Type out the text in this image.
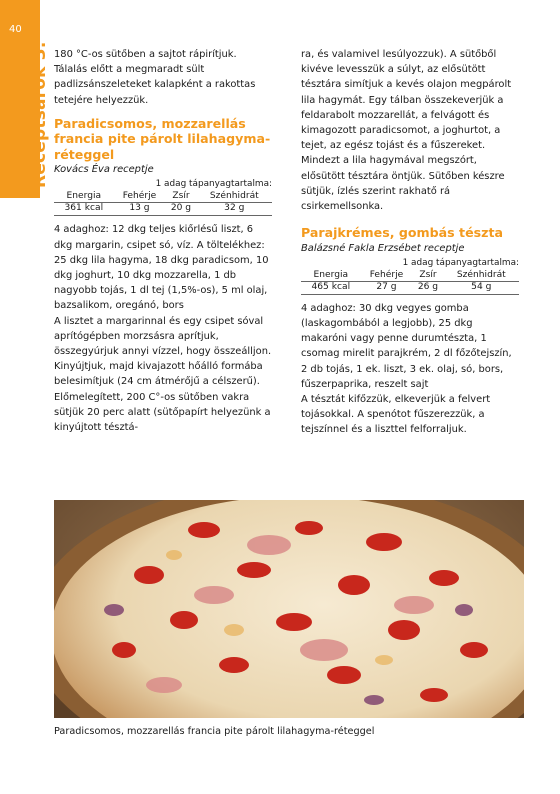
40
Receptsarok 3. 180 °C-os sütőben a sajtot rápirítjuk. Tálalás előtt a megmaradt sült padlizsánszeleteket kalapként a rakottas tetejére helyezzük.

Paradicsomos, mozzarellás francia pite párolt lilahagyma-réteggel
Kovács Éva receptje
1 adag tápanyagtartalma:
Energia	Fehérje	Zsír	Szénhidrát
361 kcal	13 g	20 g	32 g

4 adaghoz: 12 dkg teljes kiőrlésű liszt, 6 dkg margarin, csipet só, víz. A töltelékhez: 25 dkg lila hagyma, 18 dkg paradicsom, 10 dkg joghurt, 10 dkg mozzarella, 1 db nagyobb tojás, 1 dl tej (1,5%-os), 5 ml olaj, bazsalikom, oregánó, bors

A lisztet a margarinnal és egy csipet sóval aprítógépben morzsásra aprítjuk, összegyúrjuk annyi vízzel, hogy összeálljon. Kinyújtjuk, majd kivajazott hőálló formába belesimítjuk (24 cm átmérőjű a célszerű). Előmelegített, 200 C°-os sütőben vakra sütjük 20 perc alatt (sütőpapírt helyezünk a kinyújtott tésztá-

ra, és valamivel lesúlyozzuk). A sütőből kivéve levesszük a súlyt, az elősütött tésztára simítjuk a kevés olajon megpárolt lila hagymát. Egy tálban összekeverjük a feldarabolt mozzarellát, a felvágott és kimagozott paradicsomot, a joghurtot, a tejet, az egész tojást és a fűszereket. Mindezt a lila hagymával megszórt, elősütött tésztára öntjük. Sütőben készre sütjük, ízlés szerint rakhatő rá csirkemellsonka.

Parajkrémes, gombás tészta
Balázsné Fakla Erzsébet receptje
1 adag tápanyagtartalma:
Energia	Fehérje	Zsír	Szénhidrát
465 kcal	27 g	26 g	54 g

4 adaghoz: 30 dkg vegyes gomba (laskagombából a legjobb), 25 dkg makaróni vagy penne durumtészta, 1 csomag mirelit parajkrém, 2 dl főzőtejszín, 2 db tojás, 1 ek. liszt, 3 ek. olaj, só, bors, fűszerpaprika, reszelt sajt

A tésztát kifőzzük, elkeverjük a felvert tojásokkal. A spenótot fűszerezzük, a tejszínnel és a liszttel felforraljuk.

Paradicsomos, mozzarellás francia pite párolt lilahagyma-réteggel
